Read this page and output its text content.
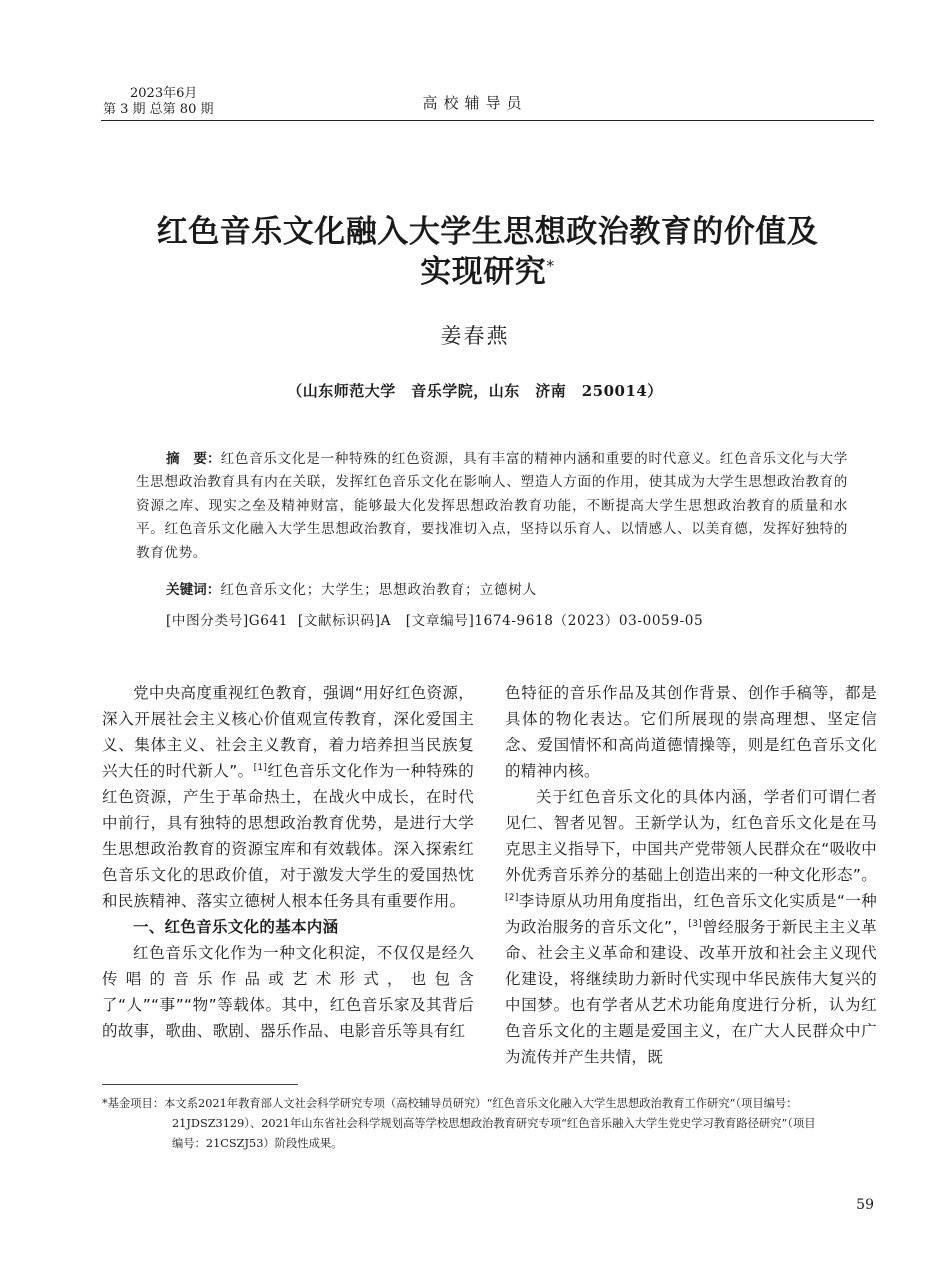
2023年6月
第 3 期 总第 80 期	高校辅导员
红色音乐文化融入大学生思想政治教育的价值及
实现研究*
姜春燕
（山东师范大学　音乐学院，山东　济南　250014）
摘　要：红色音乐文化是一种特殊的红色资源，具有丰富的精神内涵和重要的时代意义。红色音乐文化与大学生思想政治教育具有内在关联，发挥红色音乐文化在影响人、塑造人方面的作用，使其成为大学生思想政治教育的资源之库、现实之垒及精神财富，能够最大化发挥思想政治教育功能，不断提高大学生思想政治教育的质量和水平。红色音乐文化融入大学生思想政治教育，要找准切入点，坚持以乐育人、以情感人、以美育德，发挥好独特的教育优势。
关键词：红色音乐文化；大学生；思想政治教育；立德树人
[中图分类号]G641  [文献标识码]A   [文章编号]1674-9618（2023）03-0059-05

党中央高度重视红色教育，强调“用好红色资源，深入开展社会主义核心价值观宣传教育，深化爱国主义、集体主义、社会主义教育，着力培养担当民族复兴大任的时代新人”。[1]红色音乐文化作为一种特殊的红色资源，产生于革命热土，在战火中成长，在时代中前行，具有独特的思想政治教育优势，是进行大学生思想政治教育的资源宝库和有效载体。深入探索红色音乐文化的思政价值，对于激发大学生的爱国热忱和民族精神、落实立德树人根本任务具有重要作用。

一、红色音乐文化的基本内涵

红色音乐文化作为一种文化积淀，不仅仅是经久传唱的音乐作品或艺术形式，也包含了“人”“事”“物”等载体。其中，红色音乐家及其背后的故事，歌曲、歌剧、器乐作品、电影音乐等具有红

色特征的音乐作品及其创作背景、创作手稿等，都是具体的物化表达。它们所展现的崇高理想、坚定信念、爱国情怀和高尚道德情操等，则是红色音乐文化的精神内核。

关于红色音乐文化的具体内涵，学者们可谓仁者见仁、智者见智。王新学认为，红色音乐文化是在马克思主义指导下，中国共产党带领人民群众在“吸收中外优秀音乐养分的基础上创造出来的一种文化形态”。[2]李诗原从功用角度指出，红色音乐文化实质是“一种为政治服务的音乐文化”，[3]曾经服务于新民主主义革命、社会主义革命和建设、改革开放和社会主义现代化建设，将继续助力新时代实现中华民族伟大复兴的中国梦。也有学者从艺术功能角度进行分析，认为红色音乐文化的主题是爱国主义，在广大人民群众中广为流传并产生共情，既

*基金项目：本文系2021年教育部人文社会科学研究专项（高校辅导员研究）“红色音乐文化融入大学生思想政治教育工作研究”（项目编号：
21JDSZ3129）、2021年山东省社会科学规划高等学校思想政治教育研究专项“红色音乐融入大学生党史学习教育路径研究”（项目
编号：21CSZJ53）阶段性成果。
59
